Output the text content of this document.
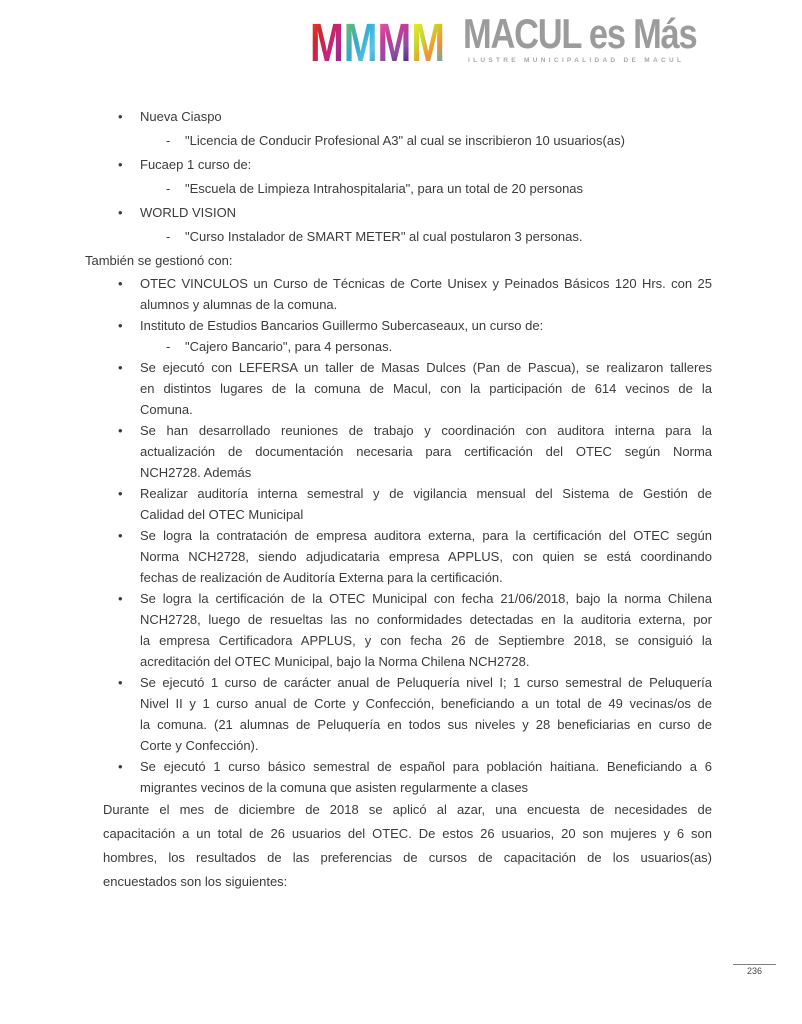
MMMM MACUL es Más
ILUSTRE MUNICIPALIDAD DE MACUL
• Nueva Ciaspo
- "Licencia de Conducir Profesional A3" al cual se inscribieron 10 usuarios(as)
• Fucaep 1 curso de:
- "Escuela de Limpieza Intrahospitalaria", para un total de 20 personas
• WORLD VISION
- "Curso Instalador de SMART METER" al cual postularon 3 personas.
También se gestionó con:
• OTEC VINCULOS un Curso de Técnicas de Corte Unisex y Peinados Básicos 120 Hrs. con 25
alumnos y alumnas de la comuna.
• Instituto de Estudios Bancarios Guillermo Subercaseaux, un curso de:
- "Cajero Bancario", para 4 personas.
• Se ejecutó con LEFERSA un taller de Masas Dulces (Pan de Pascua), se realizaron talleres
en distintos lugares de la comuna de Macul, con la participación de 614 vecinos de la
Comuna.
• Se han desarrollado reuniones de trabajo y coordinación con auditora interna para la
actualización de documentación necesaria para certificación del OTEC según Norma
NCH2728. Además
• Realizar auditoría interna semestral y de vigilancia mensual del Sistema de Gestión de
Calidad del OTEC Municipal
• Se logra la contratación de empresa auditora externa, para la certificación del OTEC según
Norma NCH2728, siendo adjudicataria empresa APPLUS, con quien se está coordinando
fechas de realización de Auditoría Externa para la certificación.
• Se logra la certificación de la OTEC Municipal con fecha 21/06/2018, bajo la norma Chilena
NCH2728, luego de resueltas las no conformidades detectadas en la auditoria externa, por
la empresa Certificadora APPLUS, y con fecha 26 de Septiembre 2018, se consiguió la
acreditación del OTEC Municipal, bajo la Norma Chilena NCH2728.
• Se ejecutó 1 curso de carácter anual de Peluquería nivel I; 1 curso semestral de Peluquería
Nivel II y 1 curso anual de Corte y Confección, beneficiando a un total de 49 vecinas/os de
la comuna. (21 alumnas de Peluquería en todos sus niveles y 28 beneficiarias en curso de
Corte y Confección).
• Se ejecutó 1 curso básico semestral de español para población haitiana. Beneficiando a 6
migrantes vecinos de la comuna que asisten regularmente a clases
Durante el mes de diciembre de 2018 se aplicó al azar, una encuesta de necesidades de
capacitación a un total de 26 usuarios del OTEC. De estos 26 usuarios, 20 son mujeres y 6 son
hombres, los resultados de las preferencias de cursos de capacitación de los usuarios(as)
encuestados son los siguientes:
236
